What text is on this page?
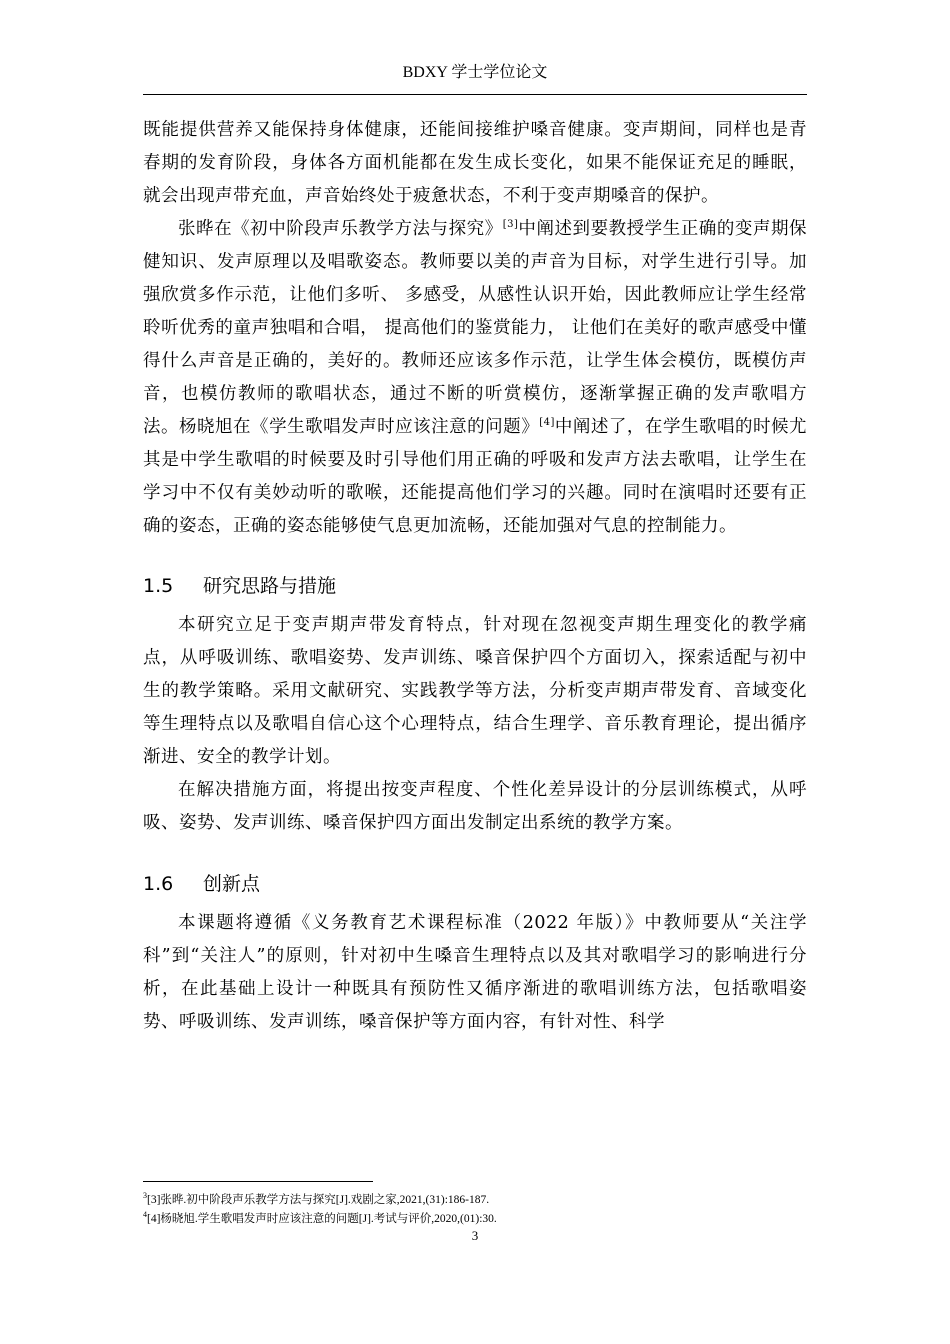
BDXY 学士学位论文

既能提供营养又能保持身体健康，还能间接维护嗓音健康。变声期间，同样也是青春期的发育阶段，身体各方面机能都在发生成长变化，如果不能保证充足的睡眠，就会出现声带充血，声音始终处于疲惫状态，不利于变声期嗓音的保护。

张晔在《初中阶段声乐教学方法与探究》[3]中阐述到要教授学生正确的变声期保健知识、发声原理以及唱歌姿态。教师要以美的声音为目标，对学生进行引导。加强欣赏多作示范，让他们多听、 多感受，从感性认识开始，因此教师应让学生经常聆听优秀的童声独唱和合唱， 提高他们的鉴赏能力， 让他们在美好的歌声感受中懂得什么声音是正确的，美好的。教师还应该多作示范，让学生体会模仿，既模仿声音，也模仿教师的歌唱状态，通过不断的听赏模仿，逐渐掌握正确的发声歌唱方法。杨晓旭在《学生歌唱发声时应该注意的问题》[4]中阐述了，在学生歌唱的时候尤其是中学生歌唱的时候要及时引导他们用正确的呼吸和发声方法去歌唱，让学生在学习中不仅有美妙动听的歌喉，还能提高他们学习的兴趣。同时在演唱时还要有正确的姿态，正确的姿态能够使气息更加流畅，还能加强对气息的控制能力。

1.5 研究思路与措施

本研究立足于变声期声带发育特点，针对现在忽视变声期生理变化的教学痛点，从呼吸训练、歌唱姿势、发声训练、嗓音保护四个方面切入，探索适配与初中生的教学策略。采用文献研究、实践教学等方法，分析变声期声带发育、音域变化等生理特点以及歌唱自信心这个心理特点，结合生理学、音乐教育理论，提出循序渐进、安全的教学计划。

在解决措施方面，将提出按变声程度、个性化差异设计的分层训练模式，从呼吸、姿势、发声训练、嗓音保护四方面出发制定出系统的教学方案。

1.6 创新点

本课题将遵循《义务教育艺术课程标准（2022 年版）》中教师要从“关注学科”到“关注人”的原则，针对初中生嗓音生理特点以及其对歌唱学习的影响进行分析，在此基础上设计一种既具有预防性又循序渐进的歌唱训练方法，包括歌唱姿势、呼吸训练、发声训练，嗓音保护等方面内容，有针对性、科学

$^3$[3]张晔.初中阶段声乐教学方法与探究[J].戏剧之家,2021,(31):186-187.
$^4$[4]杨晓旭.学生歌唱发声时应该注意的问题[J].考试与评价,2020,(01):30.
3
